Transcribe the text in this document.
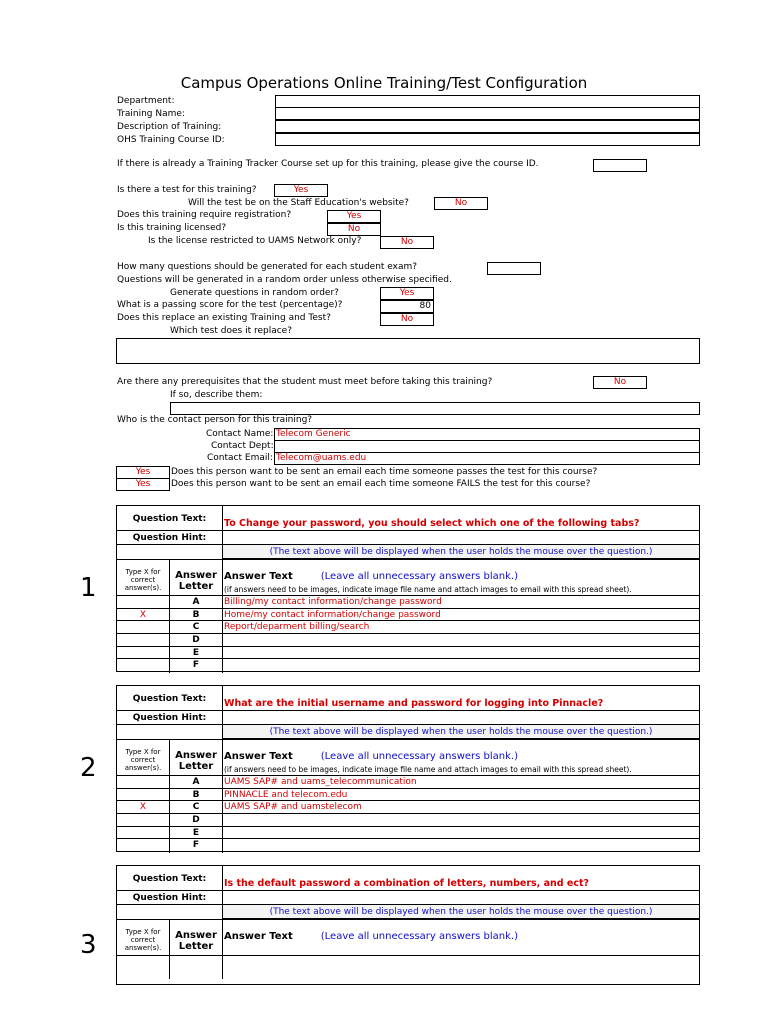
Campus Operations Online Training/Test Configuration
Department:
Training Name:
Description of Training:
OHS Training Course ID:
If there is already a Training Tracker Course set up for this training, please give the course ID.
Is there a test for this training?	Yes
Will the test be on the Staff Education's website?	No
Does this training require registration?	Yes
Is this training licensed?	No
Is the license restricted to UAMS Network only?	No
How many questions should be generated for each student exam?
Questions will be generated in a random order unless otherwise specified.
Generate questions in random order?	Yes
What is a passing score for the test (percentage)?	80
Does this replace an existing Training and Test?	No
Which test does it replace?
Are there any prerequisites that the student must meet before taking this training?	No
If so, describe them:
Who is the contact person for this training?
Contact Name: Telecom Generic
Contact Dept:
Contact Email: Telecom@uams.edu
Yes	Does this person want to be sent an email each time someone passes the test for this course?
Yes	Does this person want to be sent an email each time someone FAILS the test for this course?
1
Question Text:	To Change your password, you should select which one of the following tabs?
Question Hint:
(The text above will be displayed when the user holds the mouse over the question.)
Type X for correct answer(s).
Answer Letter
Answer Text	(Leave all unnecessary answers blank.)
(if answers need to be images, indicate image file name and attach images to email with this spread sheet).
A	Billing/my contact information/change password
X	B	Home/my contact information/change password
C	Report/deparment billing/search
D
E
F
2
Question Text:	What are the initial username and password for logging into Pinnacle?
Question Hint:
(The text above will be displayed when the user holds the mouse over the question.)
Type X for correct answer(s).
Answer Letter
Answer Text	(Leave all unnecessary answers blank.)
(if answers need to be images, indicate image file name and attach images to email with this spread sheet).
A	UAMS SAP# and uams_telecommunication
B	PINNACLE and telecom.edu
X	C	UAMS SAP# and uamstelecom
D
E
F
3
Question Text:	Is the default password a combination of letters, numbers, and ect?
Question Hint:
(The text above will be displayed when the user holds the mouse over the question.)
Type X for correct answer(s).
Answer Letter
Answer Text	(Leave all unnecessary answers blank.)
